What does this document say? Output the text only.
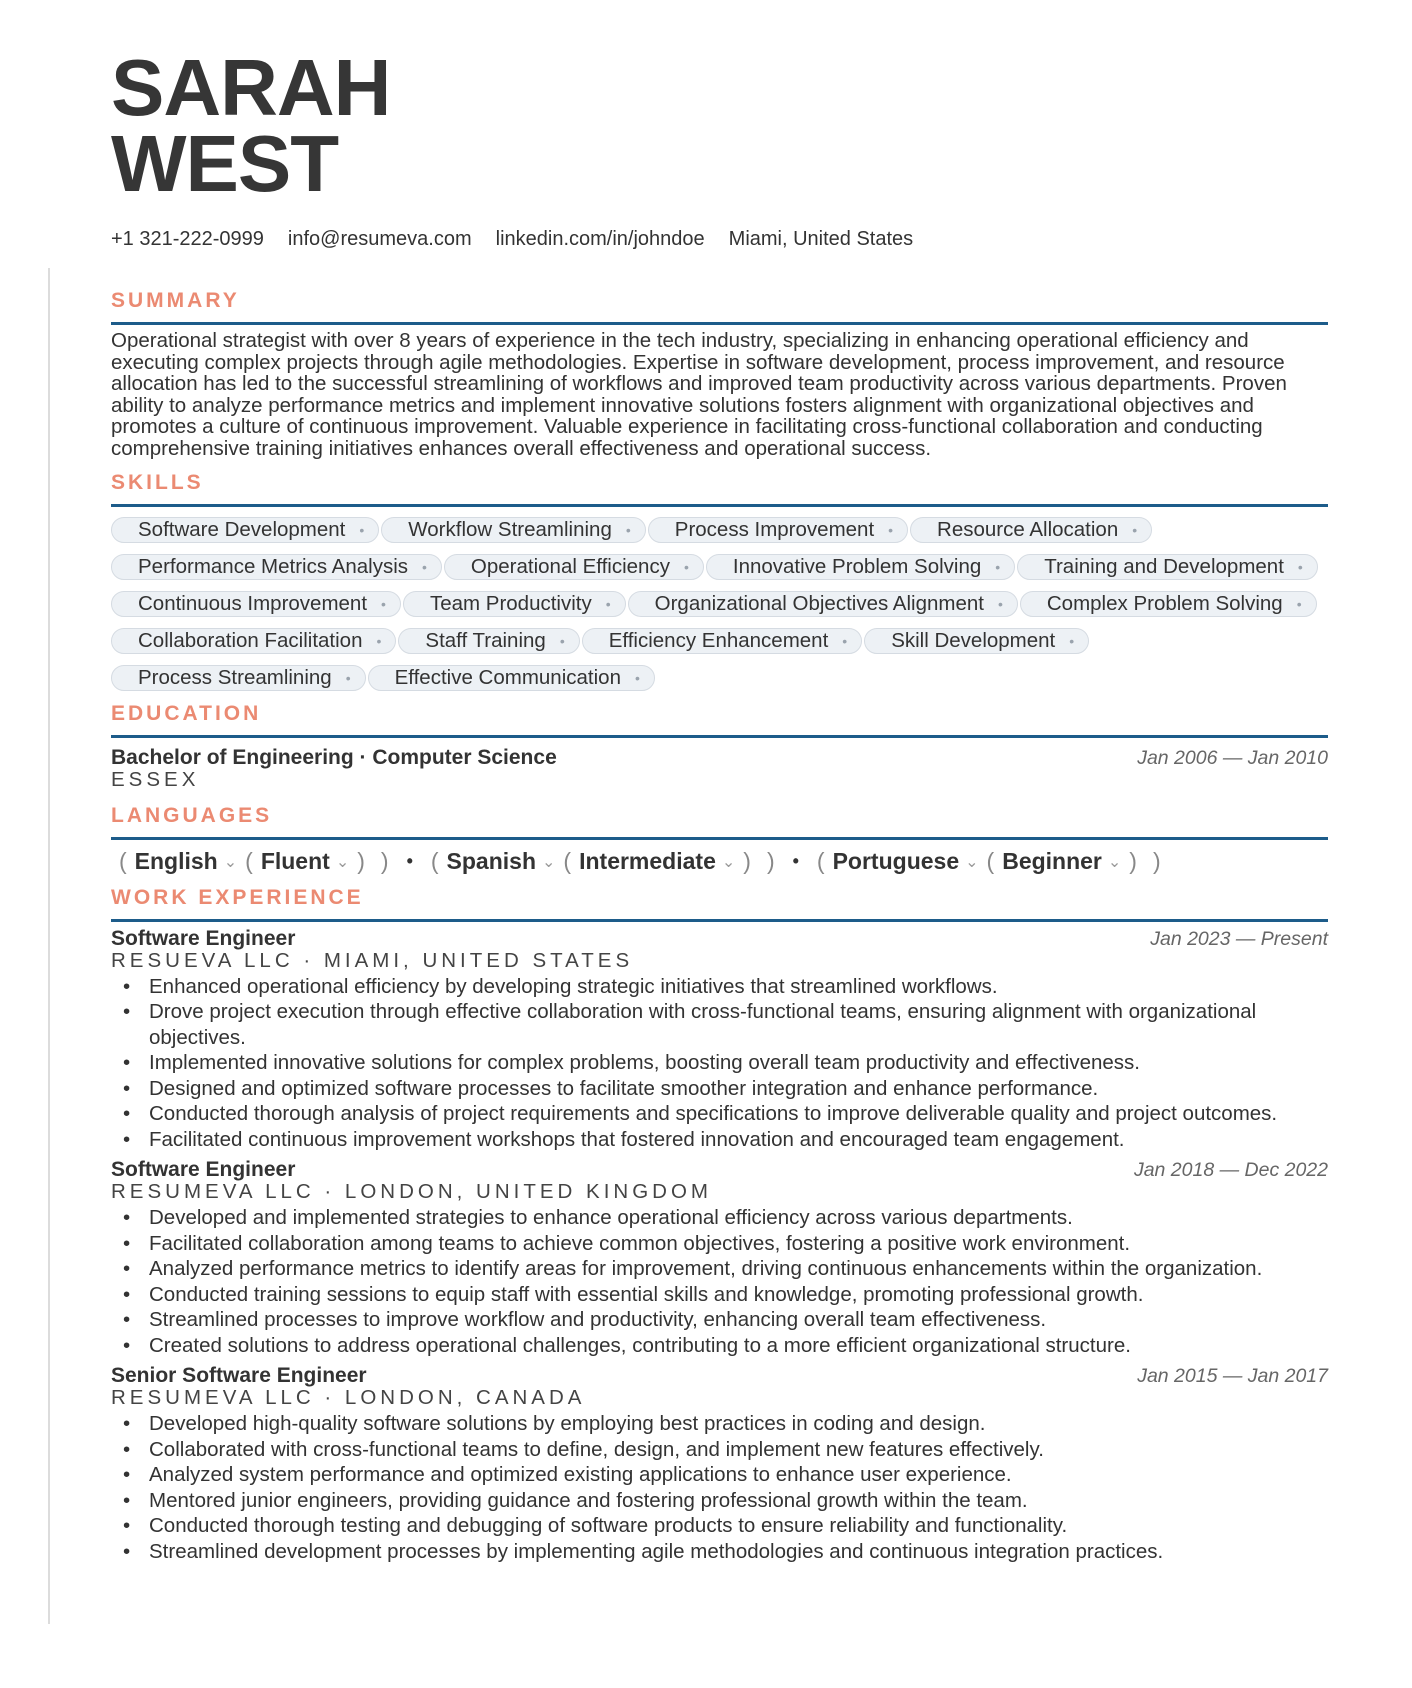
SARAH
WEST
+1 321-222-0999 info@resumeva.com linkedin.com/in/johndoe Miami, United States
SUMMARY

Operational strategist with over 8 years of experience in the tech industry, specializing in enhancing operational efficiency and executing complex projects through agile methodologies. Expertise in software development, process improvement, and resource allocation has led to the successful streamlining of workflows and improved team productivity across various departments. Proven ability to analyze performance metrics and implement innovative solutions fosters alignment with organizational objectives and promotes a culture of continuous improvement. Valuable experience in facilitating cross-functional collaboration and conducting comprehensive training initiatives enhances overall effectiveness and operational success.

SKILLS
Software Development • Workflow Streamlining • Process Improvement • Resource Allocation •
Performance Metrics Analysis • Operational Efficiency • Innovative Problem Solving • Training and Development •
Continuous Improvement • Team Productivity • Organizational Objectives Alignment • Complex Problem Solving •
Collaboration Facilitation • Staff Training • Efficiency Enhancement • Skill Development •
Process Streamlining • Effective Communication •
EDUCATION
Bachelor of Engineering · Computer Science	Jan 2006 — Jan 2010
ESSEX
LANGUAGES
( English ⌄ ( Fluent ⌄ ) ) • ( Spanish ⌄ ( Intermediate ⌄ ) ) • ( Portuguese ⌄ ( Beginner ⌄ ) )
WORK EXPERIENCE
Software Engineer	Jan 2023 — Present
RESUEVA LLC · MIAMI, UNITED STATES
• Enhanced operational efficiency by developing strategic initiatives that streamlined workflows.
• Drove project execution through effective collaboration with cross-functional teams, ensuring alignment with organizational objectives.
• Implemented innovative solutions for complex problems, boosting overall team productivity and effectiveness.
• Designed and optimized software processes to facilitate smoother integration and enhance performance.
• Conducted thorough analysis of project requirements and specifications to improve deliverable quality and project outcomes.
• Facilitated continuous improvement workshops that fostered innovation and encouraged team engagement.
Software Engineer	Jan 2018 — Dec 2022
RESUMEVA LLC · LONDON, UNITED KINGDOM
• Developed and implemented strategies to enhance operational efficiency across various departments.
• Facilitated collaboration among teams to achieve common objectives, fostering a positive work environment.
• Analyzed performance metrics to identify areas for improvement, driving continuous enhancements within the organization.
• Conducted training sessions to equip staff with essential skills and knowledge, promoting professional growth.
• Streamlined processes to improve workflow and productivity, enhancing overall team effectiveness.
• Created solutions to address operational challenges, contributing to a more efficient organizational structure.
Senior Software Engineer	Jan 2015 — Jan 2017
RESUMEVA LLC · LONDON, CANADA
• Developed high-quality software solutions by employing best practices in coding and design.
• Collaborated with cross-functional teams to define, design, and implement new features effectively.
• Analyzed system performance and optimized existing applications to enhance user experience.
• Mentored junior engineers, providing guidance and fostering professional growth within the team.
• Conducted thorough testing and debugging of software products to ensure reliability and functionality.
• Streamlined development processes by implementing agile methodologies and continuous integration practices.
